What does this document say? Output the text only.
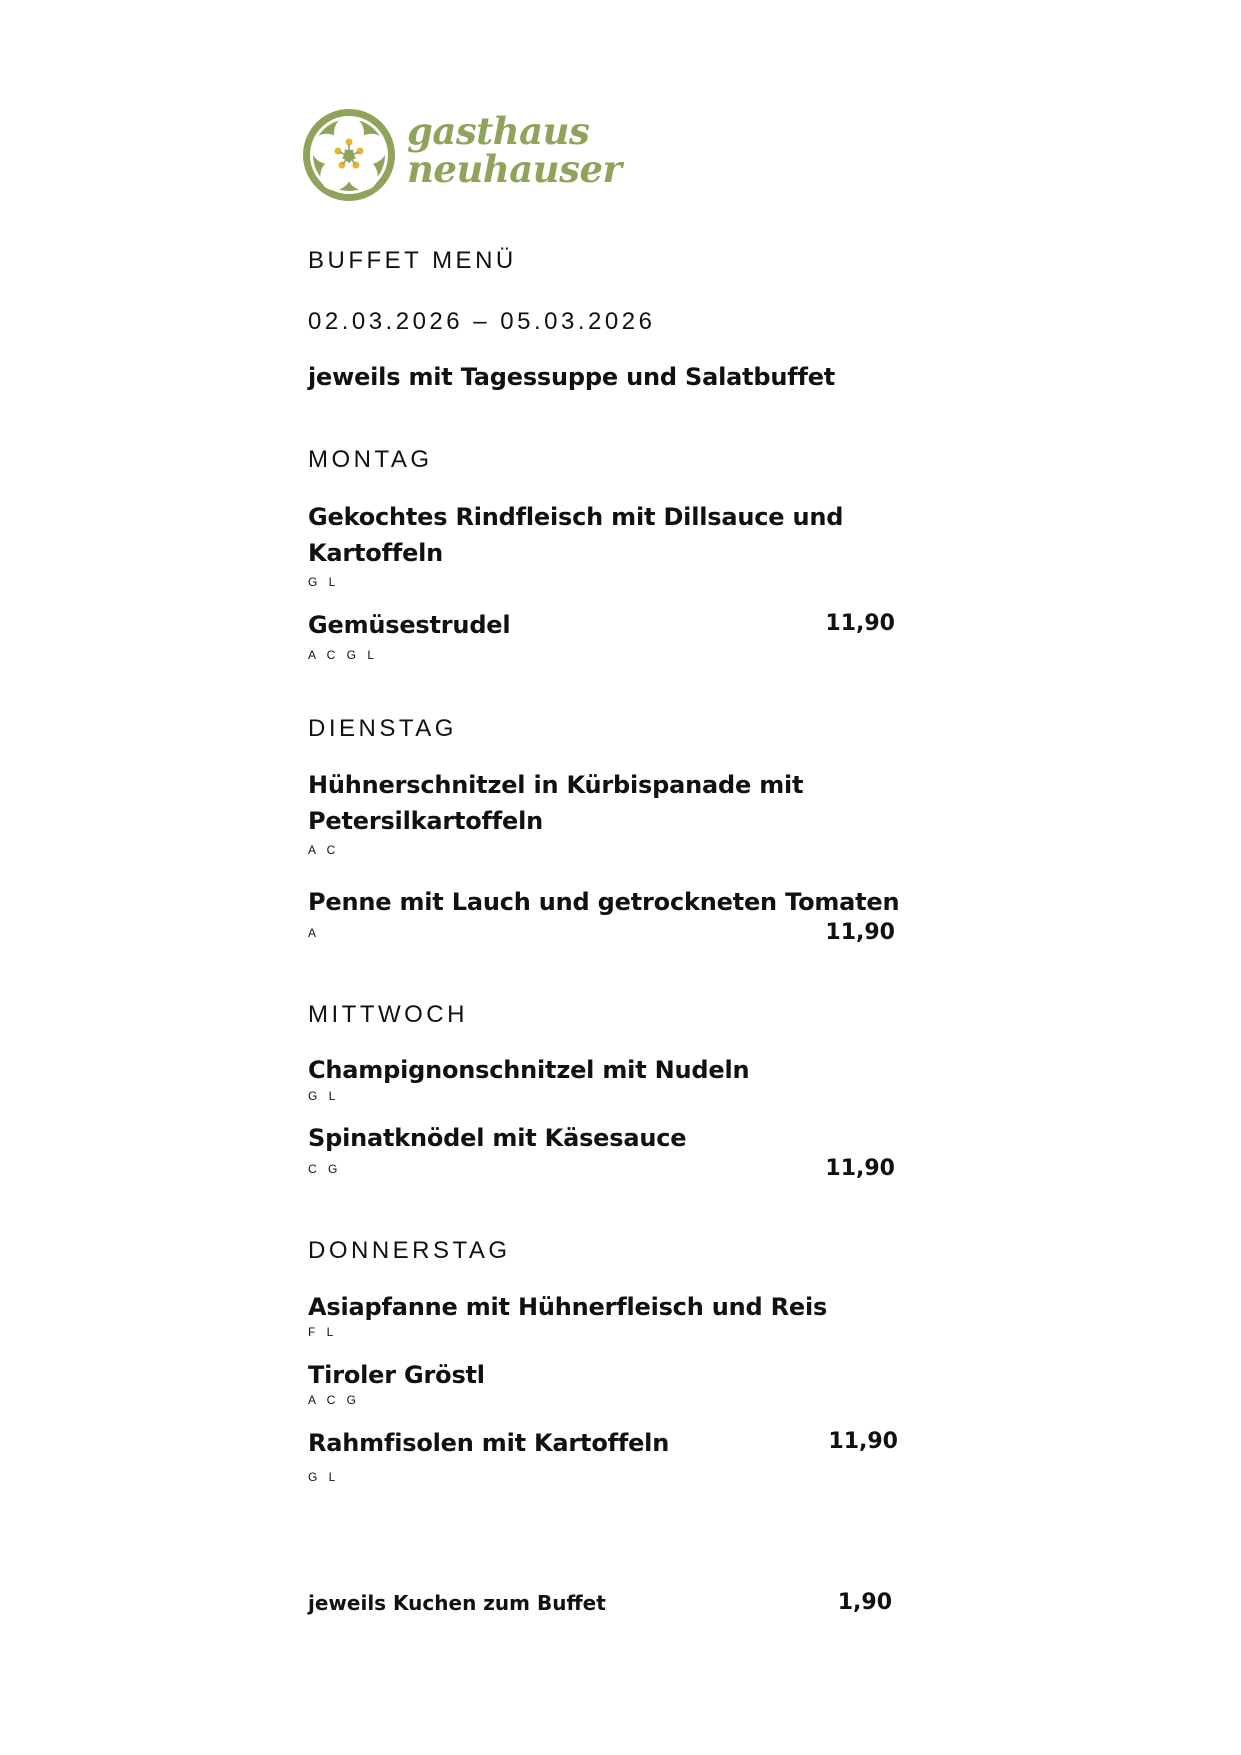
gasthaus
neuhauser
BUFFET MENÜ
02.03.2026 – 05.03.2026
jeweils mit Tagessuppe und Salatbuffet
MONTAG
Gekochtes Rindfleisch mit Dillsauce und
Kartoffeln
G L
Gemüsestrudel
A C G L
11,90
DIENSTAG
Hühnerschnitzel in Kürbispanade mit
Petersilkartoffeln
A C
Penne mit Lauch und getrockneten Tomaten
A	11,90
MITTWOCH
Champignonschnitzel mit Nudeln
G L
Spinatknödel mit Käsesauce
C G	11,90
DONNERSTAG
Asiapfanne mit Hühnerfleisch und Reis
F L
Tiroler Gröstl
A C G
Rahmfisolen mit Kartoffeln
G L
11,90
jeweils Kuchen zum Buffet	1,90
